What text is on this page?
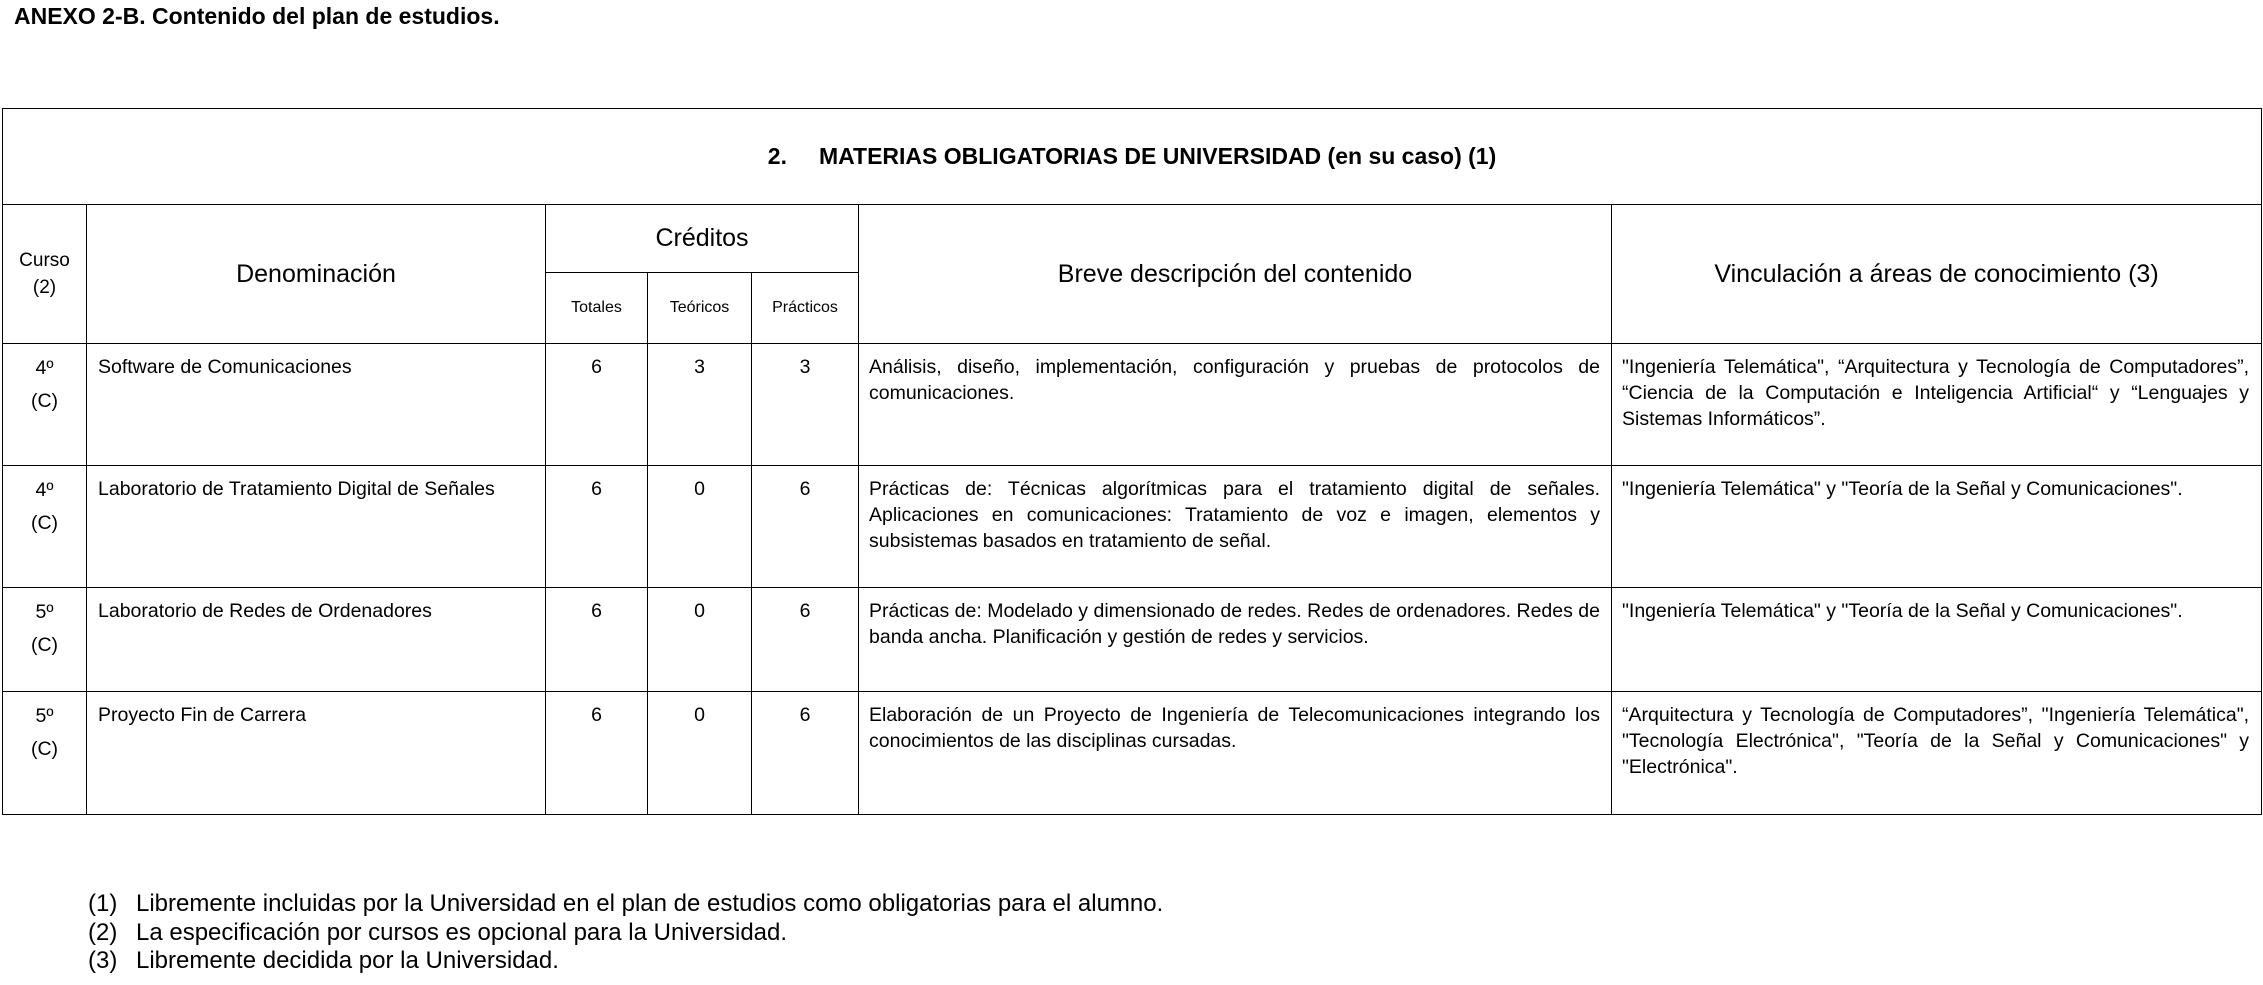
ANEXO 2-B. Contenido del plan de estudios.
2. MATERIAS OBLIGATORIAS DE UNIVERSIDAD (en su caso) (1)						
Curso
(2)	Denominación	Créditos			Breve descripción del contenido	Vinculación a áreas de conocimiento (3)
		Totales	Teóricos	Prácticos		
4º
(C)	Software de Comunicaciones	6	3	3	Análisis, diseño, implementación, configuración y pruebas de protocolos de comunicaciones.	"Ingeniería Telemática", “Arquitectura y Tecnología de Computadores”, “Ciencia de la Computación e Inteligencia Artificial“ y “Lenguajes y Sistemas Informáticos”.
4º
(C)	Laboratorio de Tratamiento Digital de Señales	6	0	6	Prácticas de: Técnicas algorítmicas para el tratamiento digital de señales. Aplicaciones en comunicaciones: Tratamiento de voz e imagen, elementos y subsistemas basados en tratamiento de señal.	"Ingeniería Telemática" y "Teoría de la Señal y Comunicaciones".
5º
(C)	Laboratorio de Redes de Ordenadores	6	0	6	Prácticas de: Modelado y dimensionado de redes. Redes de ordenadores. Redes de banda ancha. Planificación y gestión de redes y servicios.	"Ingeniería Telemática" y "Teoría de la Señal y Comunicaciones".
5º
(C)	Proyecto Fin de Carrera	6	0	6	Elaboración de un Proyecto de Ingeniería de Telecomunicaciones integrando los conocimientos de las disciplinas cursadas.	“Arquitectura y Tecnología de Computadores”, "Ingeniería Telemática", "Tecnología Electrónica", "Teoría de la Señal y Comunicaciones" y "Electrónica".
(1) Libremente incluidas por la Universidad en el plan de estudios como obligatorias para el alumno.
(2) La especificación por cursos es opcional para la Universidad.
(3) Libremente decidida por la Universidad.
